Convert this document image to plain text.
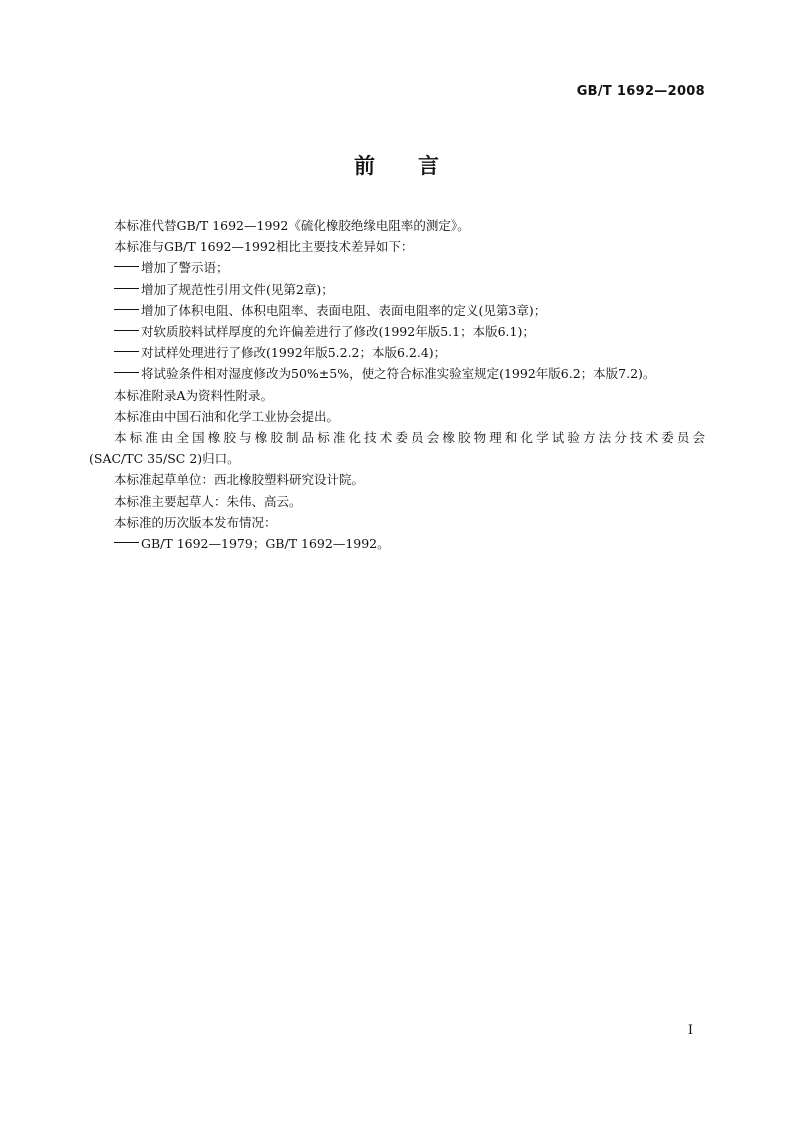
GB/T 1692—2008
前 言

本标准代替GB/T 1692—1992《硫化橡胶绝缘电阻率的测定》。

本标准与GB/T 1692—1992相比主要技术差异如下：

增加了警示语；

增加了规范性引用文件(见第2章)；

增加了体积电阻、体积电阻率、表面电阻、表面电阻率的定义(见第3章)；

对软质胶料试样厚度的允许偏差进行了修改(1992年版5.1；本版6.1)；

对试样处理进行了修改(1992年版5.2.2；本版6.2.4)；

将试验条件相对湿度修改为50%±5%，使之符合标准实验室规定(1992年版6.2；本版7.2)。

本标准附录A为资料性附录。

本标准由中国石油和化学工业协会提出。

本标准由全国橡胶与橡胶制品标准化技术委员会橡胶物理和化学试验方法分技术委员会

(SAC/TC 35/SC 2)归口。

本标准起草单位：西北橡胶塑料研究设计院。

本标准主要起草人：朱伟、高云。

本标准的历次版本发布情况：

GB/T 1692—1979；GB/T 1692—1992。

I
